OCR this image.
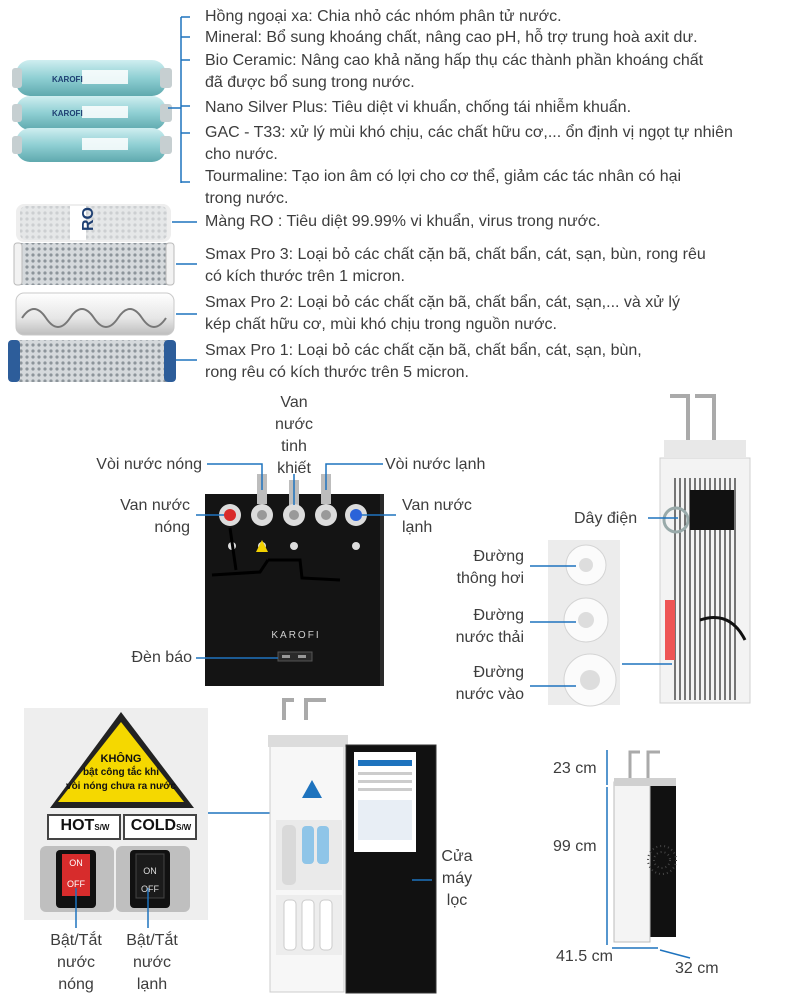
KAROFI
KAROFI
RO
KAROFI
Hồng ngoại xa: Chia nhỏ các nhóm phân tử nước.
Mineral: Bổ sung khoáng chất, nâng cao pH, hỗ trợ trung hoà axit dư.
Bio Ceramic: Nâng cao khả năng hấp thụ các thành phần khoáng chất
đã được bổ sung trong nước.
Nano Silver Plus: Tiêu diệt vi khuẩn, chống tái nhiễm khuẩn.
GAC - T33: xử lý mùi khó chịu, các chất hữu cơ,... ổn định vị ngọt tự nhiên
cho nước.
Tourmaline: Tạo ion âm có lợi cho cơ thể, giảm các tác nhân có hại
trong nước.
Màng RO : Tiêu diệt 99.99% vi khuẩn, virus trong nước.
Smax Pro 3: Loại bỏ các chất cặn bã, chất bẩn, cát, sạn, bùn, rong rêu
có kích thước trên 1 micron.
Smax Pro 2: Loại bỏ các chất cặn bã, chất bẩn, cát, sạn,... và xử lý
kép chất hữu cơ, mùi khó chịu trong nguồn nước.
Smax Pro 1: Loại bỏ các chất cặn bã, chất bẩn, cát, sạn, bùn,
rong rêu có kích thước trên 5 micron.
Van
nước
tinh
khiết
Vòi nước nóng	Vòi nước lạnh
Van nước
nóng
Van nước
lạnh
Đèn báo
Dây điện
Đường
thông hơi
Đường
nước thải
Đường
nước vào
KHÔNG
bật công tắc khi
vòi nóng chưa ra nước
HOTS/W	COLDS/W
ON
OFF
ON
OFF
Bật/Tắt
nước
nóng
Bật/Tắt
nước
lạnh
Cửa
máy
lọc
23 cm
99 cm
41.5 cm
32 cm
